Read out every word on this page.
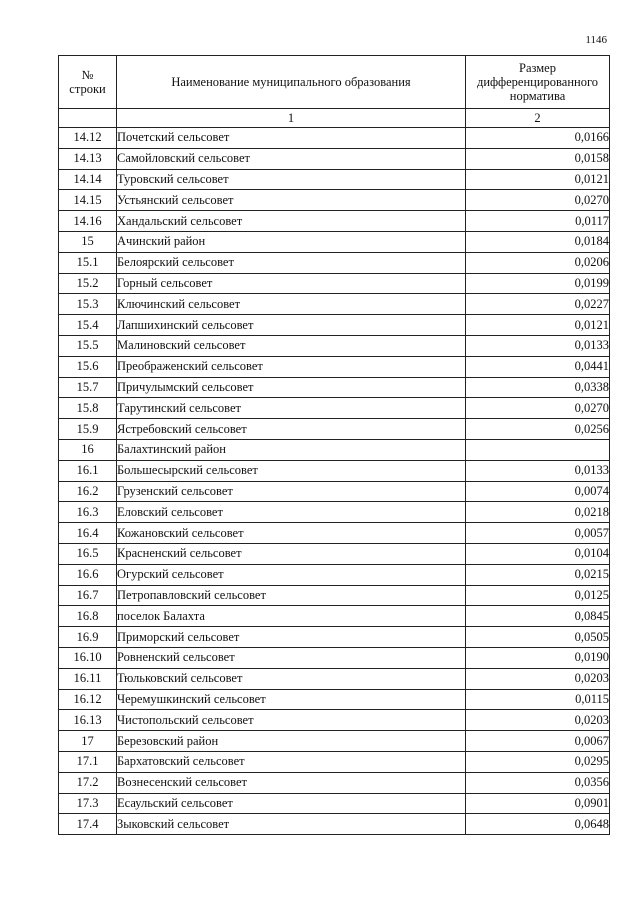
1146
№
строки	Наименование муниципального образования	Размер
дифференцированного
норматива
	1	2
14.12	Почетский сельсовет	0,0166
14.13	Самойловский сельсовет	0,0158
14.14	Туровский сельсовет	0,0121
14.15	Устьянский сельсовет	0,0270
14.16	Хандальский сельсовет	0,0117
15	Ачинский район	0,0184
15.1	Белоярский сельсовет	0,0206
15.2	Горный сельсовет	0,0199
15.3	Ключинский сельсовет	0,0227
15.4	Лапшихинский сельсовет	0,0121
15.5	Малиновский сельсовет	0,0133
15.6	Преображенский сельсовет	0,0441
15.7	Причулымский сельсовет	0,0338
15.8	Тарутинский сельсовет	0,0270
15.9	Ястребовский сельсовет	0,0256
16	Балахтинский район	
16.1	Большесырский сельсовет	0,0133
16.2	Грузенский сельсовет	0,0074
16.3	Еловский сельсовет	0,0218
16.4	Кожановский сельсовет	0,0057
16.5	Красненский сельсовет	0,0104
16.6	Огурский сельсовет	0,0215
16.7	Петропавловский сельсовет	0,0125
16.8	поселок Балахта	0,0845
16.9	Приморский сельсовет	0,0505
16.10	Ровненский сельсовет	0,0190
16.11	Тюльковский сельсовет	0,0203
16.12	Черемушкинский сельсовет	0,0115
16.13	Чистопольский сельсовет	0,0203
17	Березовский район	0,0067
17.1	Бархатовский сельсовет	0,0295
17.2	Вознесенский сельсовет	0,0356
17.3	Есаульский сельсовет	0,0901
17.4	Зыковский сельсовет	0,0648
